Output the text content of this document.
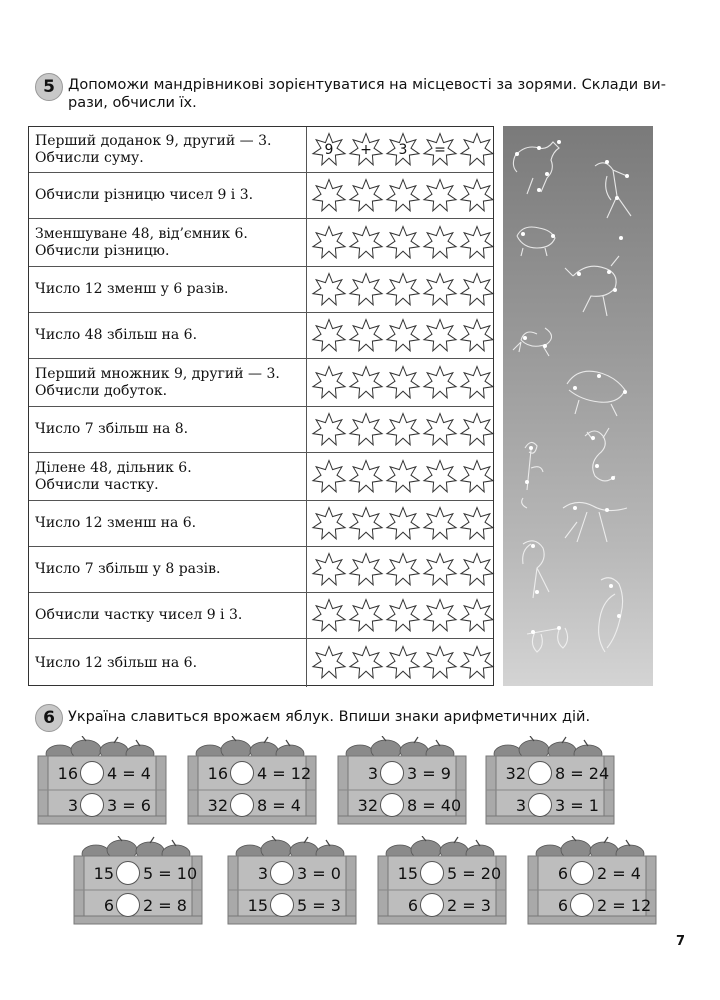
5 Допоможи мандрівникові зорієнтуватися на місцевості за зорями. Склади ви-
рази, обчисли їх.
Перший доданок 9, другий — 3.
Обчисли суму.	9	+	3	=
Обчисли різницю чисел 9 і 3.
Зменшуване 48, від’ємник 6.
Обчисли різницю.
Число 12 зменш у 6 разів.
Число 48 збільш на 6.
Перший множник 9, другий — 3.
Обчисли добуток.
Число 7 збільш на 8.
Ділене 48, дільник 6.
Обчисли частку.
Число 12 зменш на 6.
Число 7 збільш у 8 разів.
Обчисли частку чисел 9 і 3.
Число 12 збільш на 6.
6 Україна славиться врожаєм яблук. Впиши знаки арифметичних дій.
16 4 = 4
3 3 = 6
16 4 = 12
32 8 = 4
3 3 = 9
32 8 = 40
32 8 = 24
3 3 = 1
15 5 = 10
6 2 = 8
3 3 = 0
15 5 = 3
15 5 = 20
6 2 = 3
6 2 = 4
6 2 = 12
7
